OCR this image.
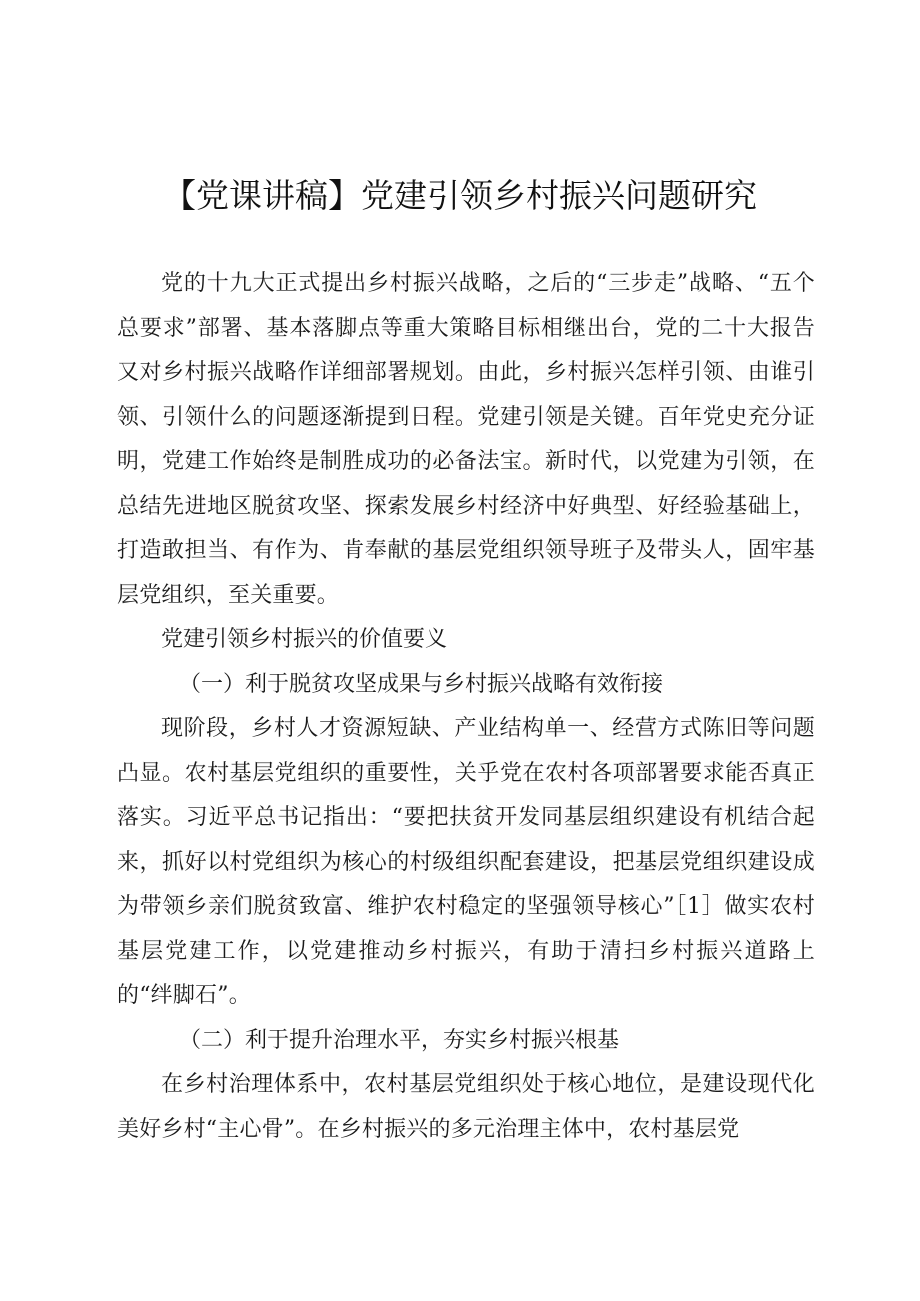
【党课讲稿】党建引领乡村振兴问题研究

党的十九大正式提出乡村振兴战略，之后的“三步走”战略、“五个总要求”部署、基本落脚点等重大策略目标相继出台，党的二十大报告又对乡村振兴战略作详细部署规划。由此，乡村振兴怎样引领、由谁引领、引领什么的问题逐渐提到日程。党建引领是关键。百年党史充分证明，党建工作始终是制胜成功的必备法宝。新时代，以党建为引领，在总结先进地区脱贫攻坚、探索发展乡村经济中好典型、好经验基础上，打造敢担当、有作为、肯奉献的基层党组织领导班子及带头人，固牢基层党组织，至关重要。

党建引领乡村振兴的价值要义

（一）利于脱贫攻坚成果与乡村振兴战略有效衔接

现阶段，乡村人才资源短缺、产业结构单一、经营方式陈旧等问题凸显。农村基层党组织的重要性，关乎党在农村各项部署要求能否真正落实。习近平总书记指出：“要把扶贫开发同基层组织建设有机结合起来，抓好以村党组织为核心的村级组织配套建设，把基层党组织建设成为带领乡亲们脱贫致富、维护农村稳定的坚强领导核心”［1］做实农村基层党建工作，以党建推动乡村振兴，有助于清扫乡村振兴道路上的“绊脚石”。

（二）利于提升治理水平，夯实乡村振兴根基

在乡村治理体系中，农村基层党组织处于核心地位，是建设现代化美好乡村“主心骨”。在乡村振兴的多元治理主体中，农村基层党
